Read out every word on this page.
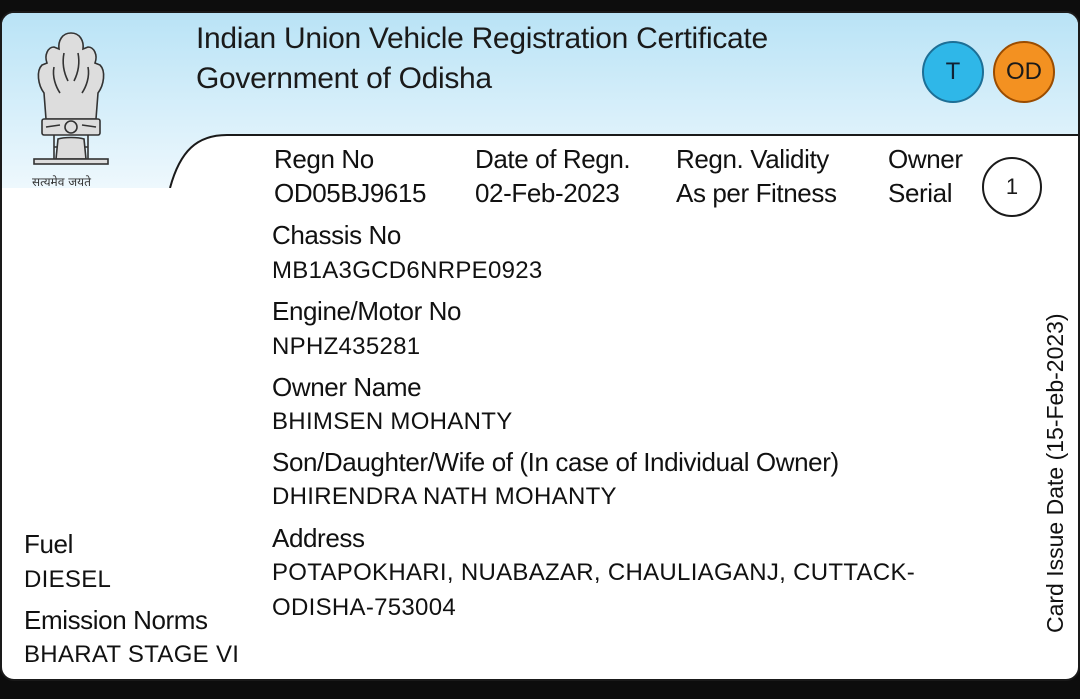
सत्यमेव जयते
Indian Union Vehicle Registration Certificate
Government of Odisha	T	OD
Regn No
OD05BJ9615
Date of Regn.
02-Feb-2023
Regn. Validity
As per Fitness
Owner
Serial	1
Chassis No
MB1A3GCD6NRPE0923
Engine/Motor No
NPHZ435281
Owner Name
BHIMSEN MOHANTY
Son/Daughter/Wife of (In case of Individual Owner)
DHIRENDRA NATH MOHANTY
Address
POTAPOKHARI, NUABAZAR, CHAULIAGANJ, CUTTACK-
ODISHA-753004
Fuel
DIESEL
Emission Norms
BHARAT STAGE VI
Card Issue Date (15-Feb-2023)
